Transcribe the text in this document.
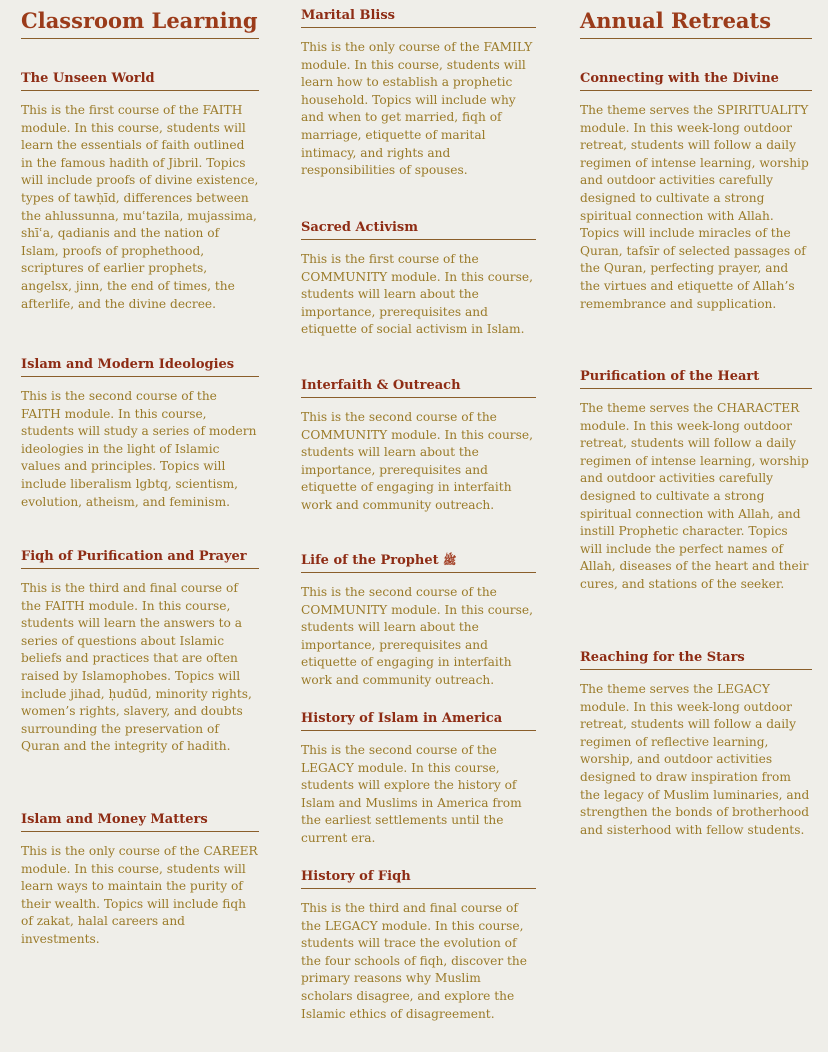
Classroom Learning
The Unseen World

This is the first course of the FAITH module. In this course, students will learn the essentials of faith outlined in the famous hadith of Jibril. Topics will include proofs of divine existence, types of tawḥīd, differences between the ahlussunna, muʿtazila, mujassima, shīʿa, qadianis and the nation of Islam, proofs of prophethood, scriptures of earlier prophets, angelsx, jinn, the end of times, the afterlife, and the divine decree.

Islam and Modern Ideologies

This is the second course of the FAITH module. In this course, students will study a series of modern ideologies in the light of Islamic values and principles. Topics will include liberalism lgbtq, scientism, evolution, atheism, and feminism.

Fiqh of Purification and Prayer

This is the third and final course of the FAITH module. In this course, students will learn the answers to a series of questions about Islamic beliefs and practices that are often raised by Islamophobes. Topics will include jihad, ḥudūd, minority rights, women’s rights, slavery, and doubts surrounding the preservation of Quran and the integrity of hadith.

Islam and Money Matters

This is the only course of the CAREER module. In this course, students will learn ways to maintain the purity of their wealth. Topics will include fiqh of zakat, halal careers and investments.

Marital Bliss

This is the only course of the FAMILY module. In this course, students will learn how to establish a prophetic household. Topics will include why and when to get married, fiqh of marriage, etiquette of marital intimacy, and rights and responsibilities of spouses.

Sacred Activism

This is the first course of the COMMUNITY module. In this course, students will learn about the importance, prerequisites and etiquette of social activism in Islam.

Interfaith & Outreach

This is the second course of the COMMUNITY module. In this course, students will learn about the importance, prerequisites and etiquette of engaging in interfaith work and community outreach.

Life of the Prophet ﷺ

This is the second course of the COMMUNITY module. In this course, students will learn about the importance, prerequisites and etiquette of engaging in interfaith work and community outreach.

History of Islam in America

This is the second course of the LEGACY module. In this course, students will explore the history of Islam and Muslims in America from the earliest settlements until the current era.

History of Fiqh

This is the third and final course of the LEGACY module. In this course, students will trace the evolution of the four schools of fiqh, discover the primary reasons why Muslim scholars disagree, and explore the Islamic ethics of disagreement.

Annual Retreats
Connecting with the Divine

The theme serves the SPIRITUALITY module. In this week-long outdoor retreat, students will follow a daily regimen of intense learning, worship and outdoor activities carefully designed to cultivate a strong spiritual connection with Allah. Topics will include miracles of the Quran, tafsīr of selected passages of the Quran, perfecting prayer, and the virtues and etiquette of Allah’s remembrance and supplication.

Purification of the Heart

The theme serves the CHARACTER module. In this week-long outdoor retreat, students will follow a daily regimen of intense learning, worship and outdoor activities carefully designed to cultivate a strong spiritual connection with Allah, and instill Prophetic character. Topics will include the perfect names of Allah, diseases of the heart and their cures, and stations of the seeker.

Reaching for the Stars

The theme serves the LEGACY module. In this week-long outdoor retreat, students will follow a daily regimen of reflective learning, worship, and outdoor activities designed to draw inspiration from the legacy of Muslim luminaries, and strengthen the bonds of brotherhood and sisterhood with fellow students.
